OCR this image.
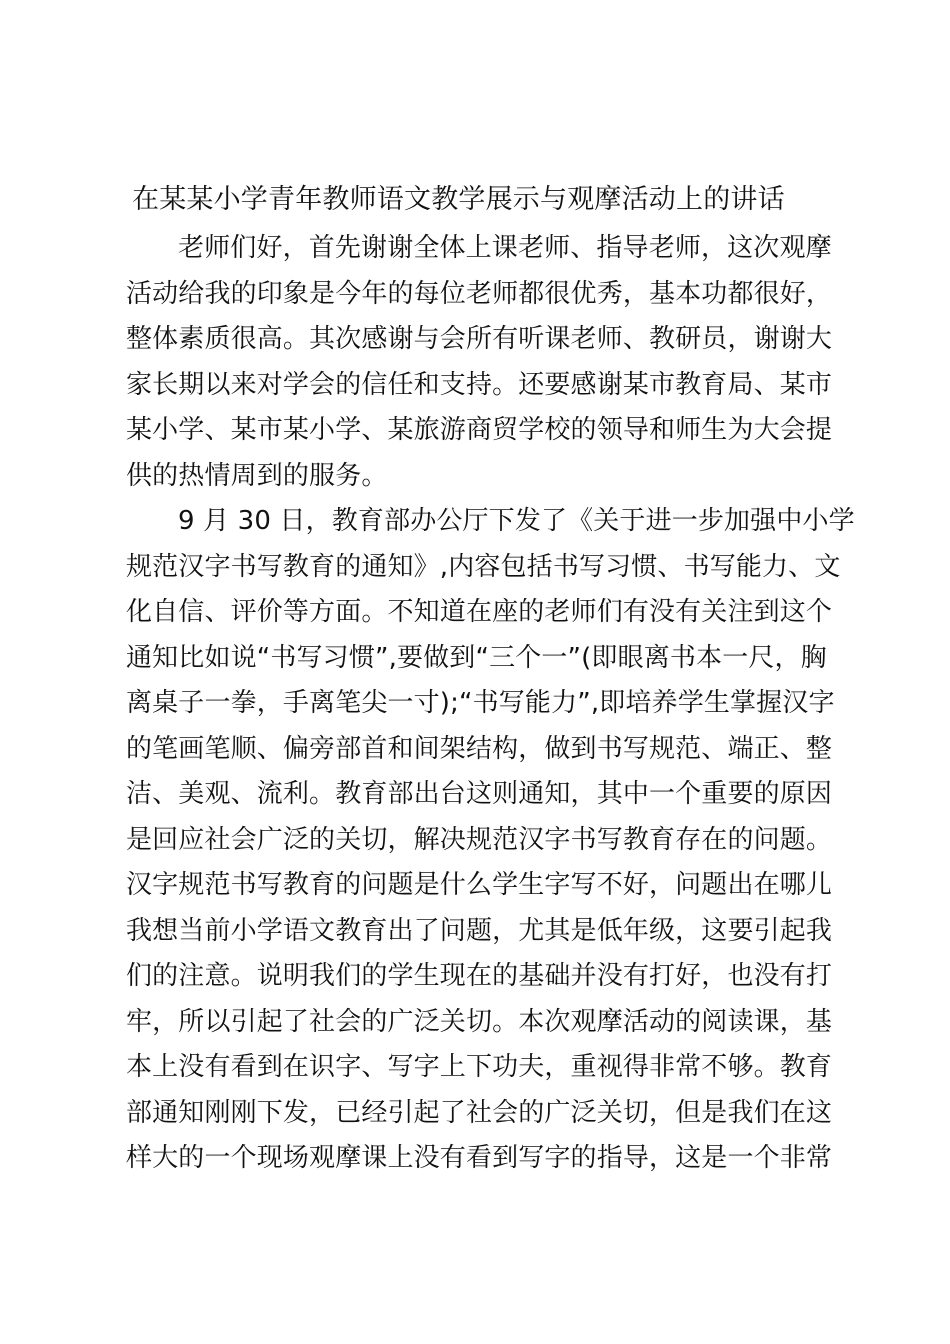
在某某小学青年教师语文教学展示与观摩活动上的讲话
老师们好，首先谢谢全体上课老师、指导老师，这次观摩
活动给我的印象是今年的每位老师都很优秀，基本功都很好，
整体素质很高。其次感谢与会所有听课老师、教研员，谢谢大
家长期以来对学会的信任和支持。还要感谢某市教育局、某市
某小学、某市某小学、某旅游商贸学校的领导和师生为大会提
供的热情周到的服务。
9 月 30 日，教育部办公厅下发了《关于进一步加强中小学
规范汉字书写教育的通知》,内容包括书写习惯、书写能力、文
化自信、评价等方面。不知道在座的老师们有没有关注到这个
通知比如说“书写习惯”,要做到“三个一”(即眼离书本一尺，胸
离桌子一拳，手离笔尖一寸);“书写能力”,即培养学生掌握汉字
的笔画笔顺、偏旁部首和间架结构，做到书写规范、端正、整
洁、美观、流利。教育部出台这则通知，其中一个重要的原因
是回应社会广泛的关切，解决规范汉字书写教育存在的问题。
汉字规范书写教育的问题是什么学生字写不好，问题出在哪儿
我想当前小学语文教育出了问题，尤其是低年级，这要引起我
们的注意。说明我们的学生现在的基础并没有打好，也没有打
牢，所以引起了社会的广泛关切。本次观摩活动的阅读课，基
本上没有看到在识字、写字上下功夫，重视得非常不够。教育
部通知刚刚下发，已经引起了社会的广泛关切，但是我们在这
样大的一个现场观摩课上没有看到写字的指导，这是一个非常
